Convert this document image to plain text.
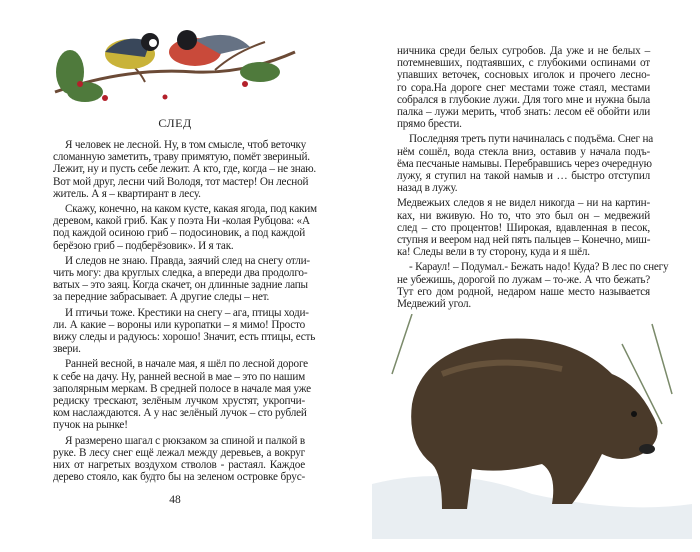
СЛЕД
Я человек не лесной. Ну, в том смысле, чтоб веточку
сломанную заметить, траву примятую, помёт звериный.
Лежит, ну и пусть себе лежит. А кто, где, когда – не знаю.
Вот мой друг, лесни чий Володя, тот мастер! Он лесной
житель. А я – квартирант в лесу.
Скажу, конечно, на каком кусте, какая ягода, под каким
деревом, какой гриб. Как у поэта Ни -колая Рубцова: «А
под каждой осиною гриб – подосиновик, а под каждой
берёзою гриб – подберёзовик». И я так.
И следов не знаю. Правда, заячий след на снегу отли-
чить могу: два круглых следка, а впереди два продолго-
ватых – это заяц. Когда скачет, он длинные задние лапы
за передние забрасывает. А другие следы – нет.
И птичьи тоже. Крестики на снегу – ага, птицы ходи-
ли. А какие – вороны или куропатки – я мимо! Просто
вижу следы и радуюсь: хорошо! Значит, есть птицы, есть
звери.
Ранней весной, в начале мая, я шёл по лесной дороге
к себе на дачу. Ну, ранней весной в мае – это по нашим
заполярным меркам. В средней полосе в начале мая уже
редиску трескают, зелёным лучком хрустят, укропчи-
ком наслаждаются. А у нас зелёный лучок – сто рублей
пучок на рынке!
Я размерено шагал с рюкзаком за спиной и палкой в
руке. В лесу снег ещё лежал между деревьев, а вокруг
них от нагретых воздухом стволов - растаял. Каждое
дерево стояло, как будто бы на зеленом островке брус-
48
ничника среди белых сугробов. Да уже и не белых –
потемневших, подтаявших, с глубокими оспинами от
упавших веточек, сосновых иголок и прочего лесно-
го сора.На дороге снег местами тоже стаял, местами
собрался в глубокие лужи. Для того мне и нужна была
палка – лужи мерить, чтоб знать: лесом её обойти или
прямо брести.
Последняя треть пути начиналась с подъёма. Снег на
нём сошёл, вода стекла вниз, оставив у начала подъ-
ёма песчаные намывы. Перебравшись через очередную
лужу, я ступил на такой намыв и … быстро отступил
назад в лужу.
Медвежьих следов я не видел никогда – ни на картин-
ках, ни вживую. Но то, что это был он – медвежий
след – сто процентов! Широкая, вдавленная в песок,
ступня и веером над ней пять пальцев – Конечно, миш-
ка! Следы вели в ту сторону, куда и я шёл.
- Караул! – Подумал.- Бежать надо! Куда? В лес по снегу
не убежишь, дорогой по лужам – то-же. А что бежать?
Тут его дом родной, недаром наше место называется
Медвежий угол.
